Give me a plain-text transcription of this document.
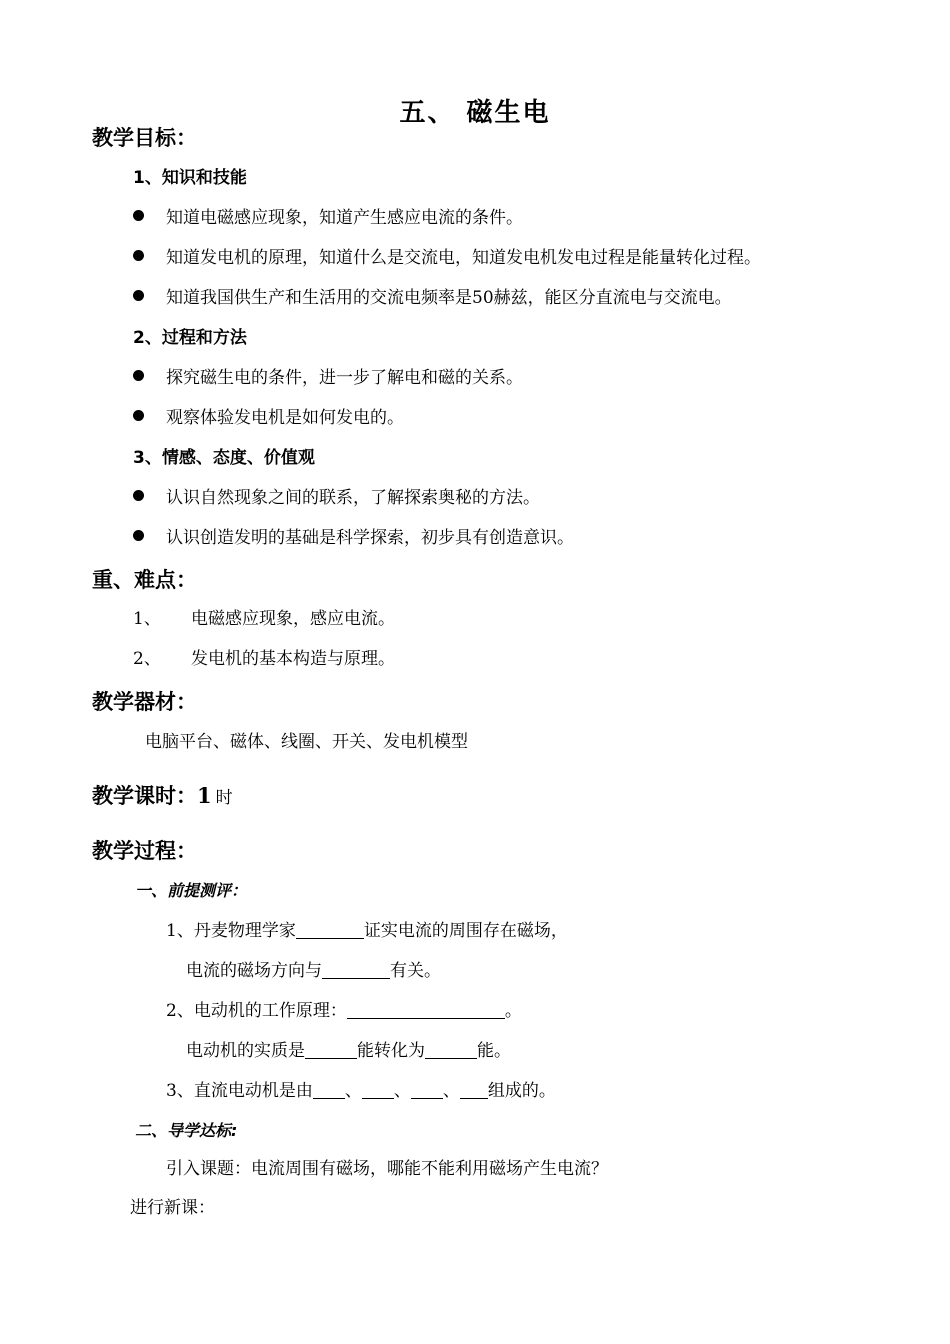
五、 磁生电
教学目标：
1、知识和技能
知道电磁感应现象，知道产生感应电流的条件。
知道发电机的原理，知道什么是交流电，知道发电机发电过程是能量转化过程。
知道我国供生产和生活用的交流电频率是50赫兹，能区分直流电与交流电。
2、过程和方法
探究磁生电的条件，进一步了解电和磁的关系。
观察体验发电机是如何发电的。
3、情感、态度、价值观
认识自然现象之间的联系，了解探索奥秘的方法。
认识创造发明的基础是科学探索，初步具有创造意识。
重、难点：
1、 电磁感应现象，感应电流。
2、 发电机的基本构造与原理。
教学器材：
电脑平台、磁体、线圈、开关、发电机模型
教学课时：1 时
教学过程：
一、前提测评：
1、丹麦物理学家	证实电流的周围存在磁场，
电流的磁场方向与	有关。
2、电动机的工作原理：	。
电动机的实质是	能转化为	能。
3、直流电动机是由 、 、 、 组成的。
二、导学达标:
引入课题：电流周围有磁场，哪能不能利用磁场产生电流？
进行新课：
